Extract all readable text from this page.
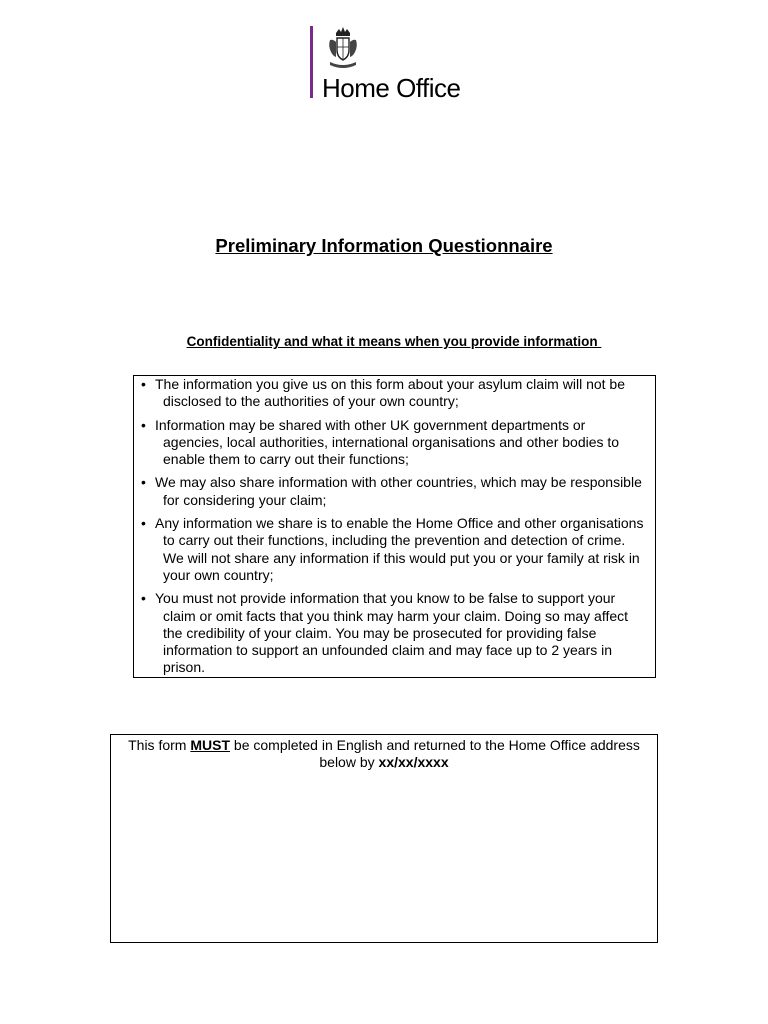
Home Office
Preliminary Information Questionnaire
Confidentiality and what it means when you provide information
• The information you give us on this form about your asylum claim will not be disclosed to the authorities of your own country;
• Information may be shared with other UK government departments or agencies, local authorities, international organisations and other bodies to enable them to carry out their functions;
• We may also share information with other countries, which may be responsible for considering your claim;
• Any information we share is to enable the Home Office and other organisations to carry out their functions, including the prevention and detection of crime. We will not share any information if this would put you or your family at risk in your own country;
• You must not provide information that you know to be false to support your claim or omit facts that you think may harm your claim. Doing so may affect the credibility of your claim. You may be prosecuted for providing false information to support an unfounded claim and may face up to 2 years in prison.
This form MUST be completed in English and returned to the Home Office address below by xx/xx/xxxx
